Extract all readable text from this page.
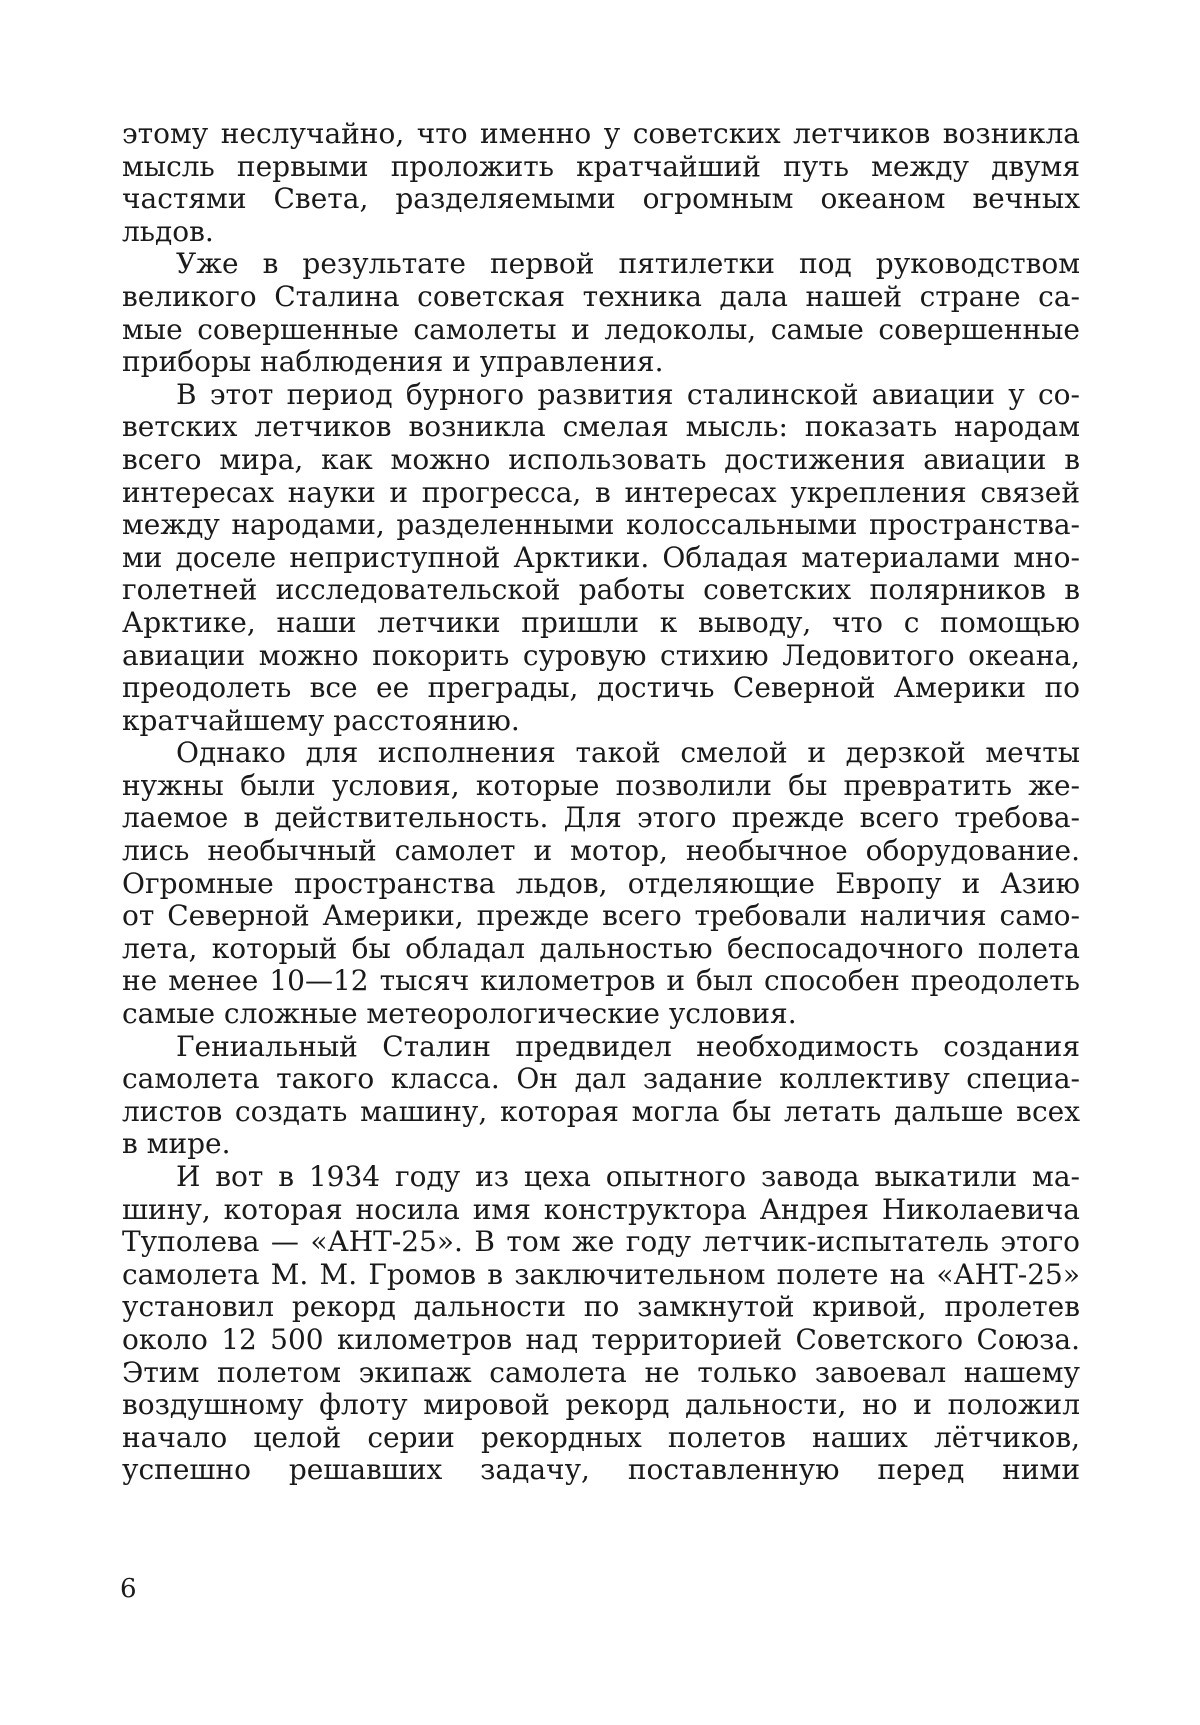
этому неслучайно, что именно у советских летчиков возникла
мысль первыми проложить кратчайший путь между двумя
частями Света, разделяемыми огромным океаном вечных
льдов.
Уже в результате первой пятилетки под руководством
великого Сталина советская техника дала нашей стране са-
мые совершенные самолеты и ледоколы, самые совершенные
приборы наблюдения и управления.
В этот период бурного развития сталинской авиации у со-
ветских летчиков возникла смелая мысль: показать народам
всего мира, как можно использовать достижения авиации в
интересах науки и прогресса, в интересах укрепления связей
между народами, разделенными колоссальными пространства-
ми доселе неприступной Арктики. Обладая материалами мно-
голетней исследовательской работы советских полярников в
Арктике, наши летчики пришли к выводу, что с помощью
авиации можно покорить суровую стихию Ледовитого океана,
преодолеть все ее преграды, достичь Северной Америки по
кратчайшему расстоянию.
Однако для исполнения такой смелой и дерзкой мечты
нужны были условия, которые позволили бы превратить же-
лаемое в действительность. Для этого прежде всего требова-
лись необычный самолет и мотор, необычное оборудование.
Огромные пространства льдов, отделяющие Европу и Азию
от Северной Америки, прежде всего требовали наличия само-
лета, который бы обладал дальностью беспосадочного полета
не менее 10—12 тысяч километров и был способен преодолеть
самые сложные метеорологические условия.
Гениальный Сталин предвидел необходимость создания
самолета такого класса. Он дал задание коллективу специа-
листов создать машину, которая могла бы летать дальше всех
в мире.
И вот в 1934 году из цеха опытного завода выкатили ма-
шину, которая носила имя конструктора Андрея Николаевича
Туполева — «АНТ-25». В том же году летчик-испытатель этого
самолета М. М. Громов в заключительном полете на «АНТ-25»
установил рекорд дальности по замкнутой кривой, пролетев
около 12 500 километров над территорией Советского Союза.
Этим полетом экипаж самолета не только завоевал нашему
воздушному флоту мировой рекорд дальности, но и положил
начало целой серии рекордных полетов наших лётчиков,
успешно решавших задачу, поставленную перед ними
6
